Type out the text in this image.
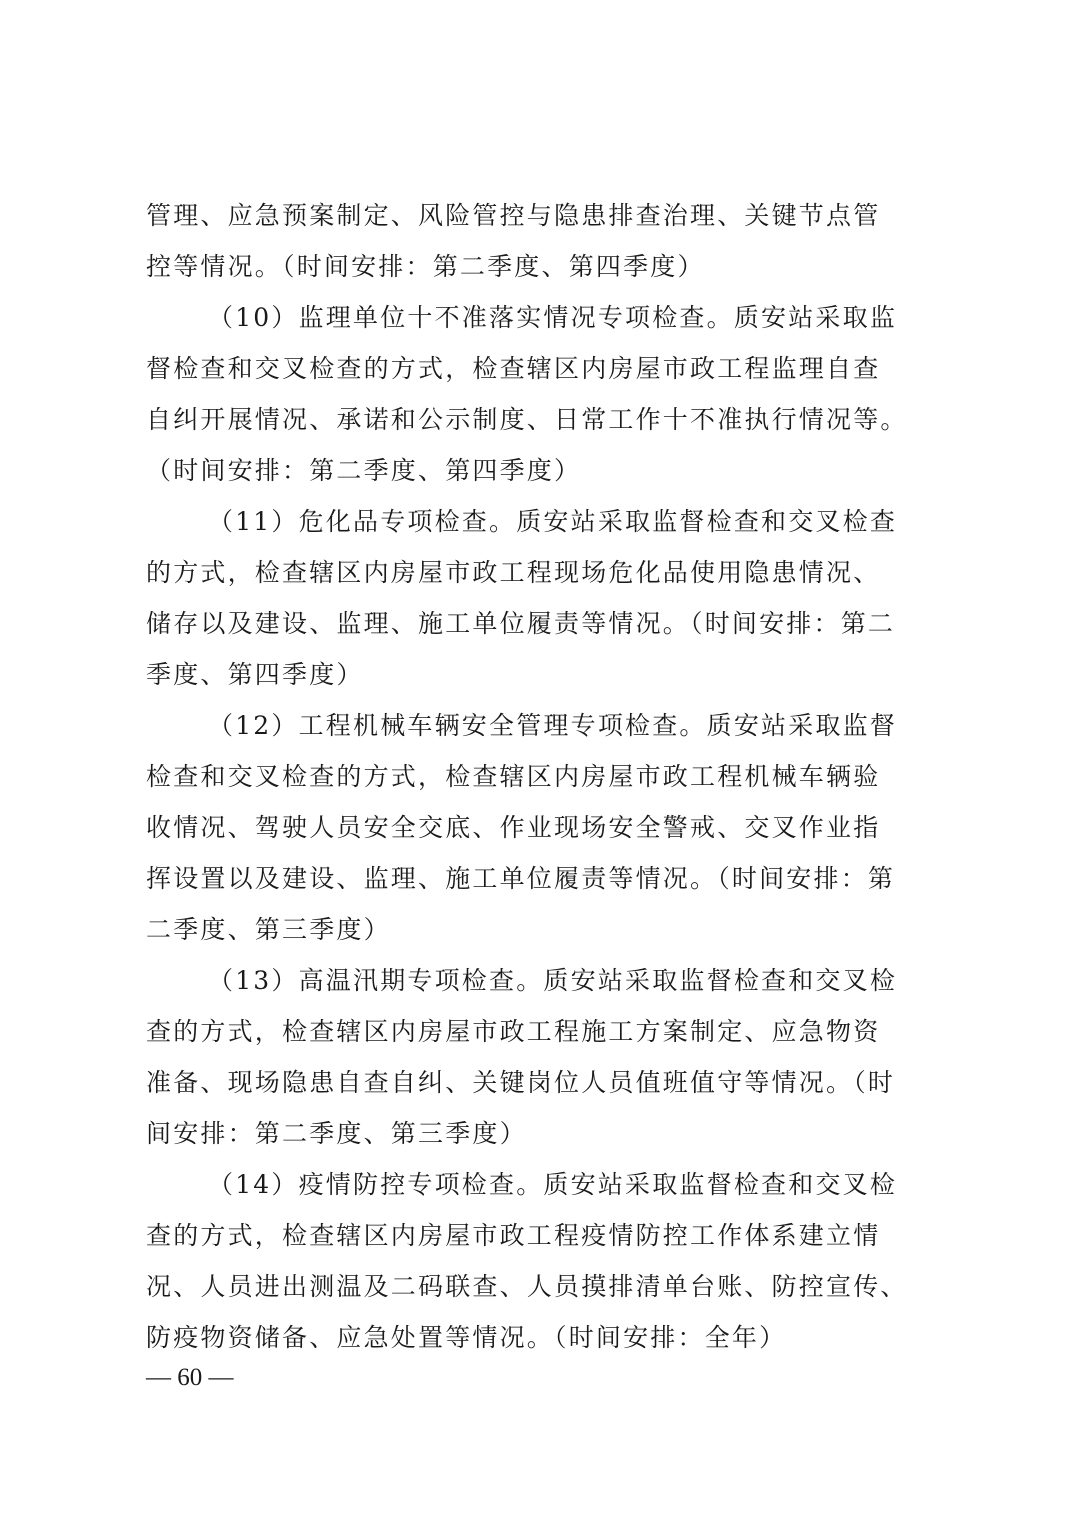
管理、应急预案制定、风险管控与隐患排查治理、关键节点管
控等情况。（时间安排：第二季度、第四季度）
（10）监理单位十不准落实情况专项检查。质安站采取监
督检查和交叉检查的方式，检查辖区内房屋市政工程监理自查
自纠开展情况、承诺和公示制度、日常工作十不准执行情况等。
（时间安排：第二季度、第四季度）
（11）危化品专项检查。质安站采取监督检查和交叉检查
的方式，检查辖区内房屋市政工程现场危化品使用隐患情况、
储存以及建设、监理、施工单位履责等情况。（时间安排：第二
季度、第四季度）
（12）工程机械车辆安全管理专项检查。质安站采取监督
检查和交叉检查的方式，检查辖区内房屋市政工程机械车辆验
收情况、驾驶人员安全交底、作业现场安全警戒、交叉作业指
挥设置以及建设、监理、施工单位履责等情况。（时间安排：第
二季度、第三季度）
（13）高温汛期专项检查。质安站采取监督检查和交叉检
查的方式，检查辖区内房屋市政工程施工方案制定、应急物资
准备、现场隐患自查自纠、关键岗位人员值班值守等情况。（时
间安排：第二季度、第三季度）
（14）疫情防控专项检查。质安站采取监督检查和交叉检
查的方式，检查辖区内房屋市政工程疫情防控工作体系建立情
况、人员进出测温及二码联查、人员摸排清单台账、防控宣传、
防疫物资储备、应急处置等情况。（时间安排：全年）
— 60 —
